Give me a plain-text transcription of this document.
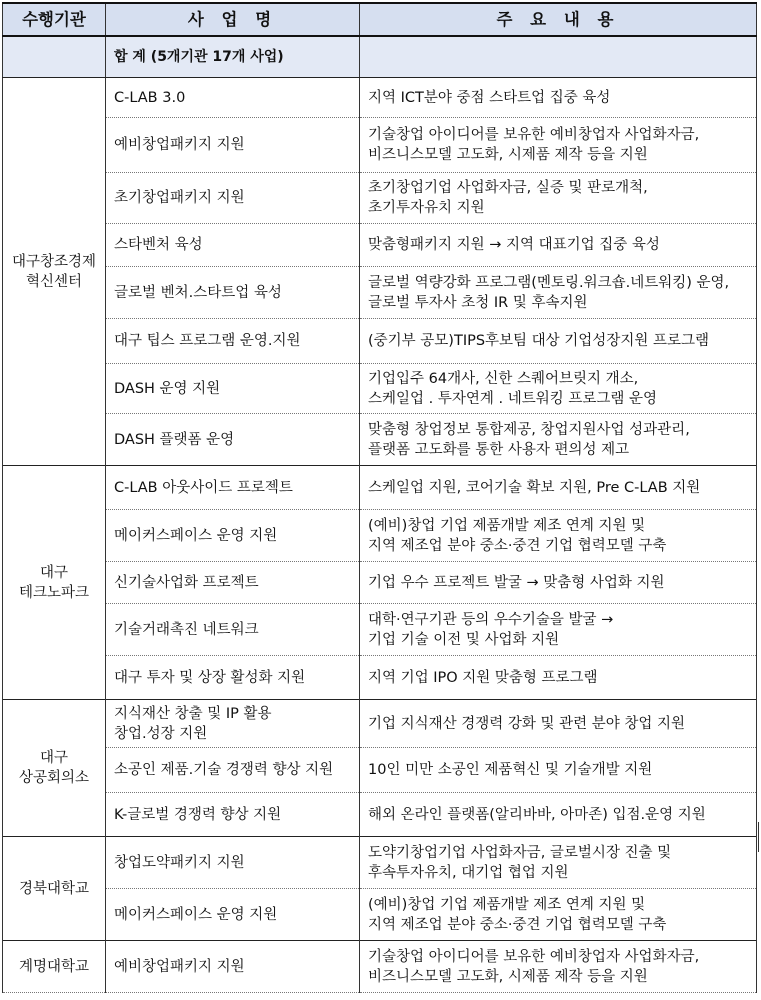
수행기관	사 업 명	주 요 내 용
	합 계 (5개기관 17개 사업)	

대구창조경제
혁신센터	C-LAB 3.0	지역 ICT분야 중점 스타트업 집중 육성

	예비창업패키지 지원	기술창업 아이디어를 보유한 예비창업자 사업화자금,
비즈니스모델 고도화, 시제품 제작 등을 지원

	초기창업패키지 지원	초기창업기업 사업화자금, 실증 및 판로개척,
초기투자유치 지원

	스타벤처 육성	맞춤형패키지 지원 → 지역 대표기업 집중 육성

	글로벌 벤처.스타트업 육성	글로벌 역량강화 프로그램(멘토링.워크숍.네트워킹) 운영,
글로벌 투자사 초청 IR 및 후속지원

	대구 팁스 프로그램 운영.지원	(중기부 공모)TIPS후보팀 대상 기업성장지원 프로그램

	DASH 운영 지원	기업입주 64개사, 신한 스퀘어브릿지 개소,
스케일업 . 투자연계 . 네트워킹 프로그램 운영

	DASH 플랫폼 운영	맞춤형 창업정보 통합제공, 창업지원사업 성과관리,
플랫폼 고도화를 통한 사용자 편의성 제고

대구
테크노파크	C-LAB 아웃사이드 프로젝트	스케일업 지원, 코어기술 확보 지원, Pre C-LAB 지원

	메이커스페이스 운영 지원	(예비)창업 기업 제품개발 제조 연계 지원 및
지역 제조업 분야 중소·중견 기업 협력모델 구축

	신기술사업화 프로젝트	기업 우수 프로젝트 발굴 → 맞춤형 사업화 지원

	기술거래촉진 네트워크	대학·연구기관 등의 우수기술을 발굴 →
기업 기술 이전 및 사업화 지원

	대구 투자 및 상장 활성화 지원	지역 기업 IPO 지원 맞춤형 프로그램

대구
상공회의소	지식재산 창출 및 IP 활용
창업.성장 지원	기업 지식재산 경쟁력 강화 및 관련 분야 창업 지원

	소공인 제품.기술 경쟁력 향상 지원	10인 미만 소공인 제품혁신 및 기술개발 지원

	K-글로벌 경쟁력 향상 지원	해외 온라인 플랫폼(알리바바, 아마존) 입점.운영 지원

경북대학교	창업도약패키지 지원	도약기창업기업 사업화자금, 글로벌시장 진출 및
후속투자유치, 대기업 협업 지원

	메이커스페이스 운영 지원	(예비)창업 기업 제품개발 제조 연계 지원 및
지역 제조업 분야 중소·중견 기업 협력모델 구축

계명대학교	예비창업패키지 지원	기술창업 아이디어를 보유한 예비창업자 사업화자금,
비즈니스모델 고도화, 시제품 제작 등을 지원
